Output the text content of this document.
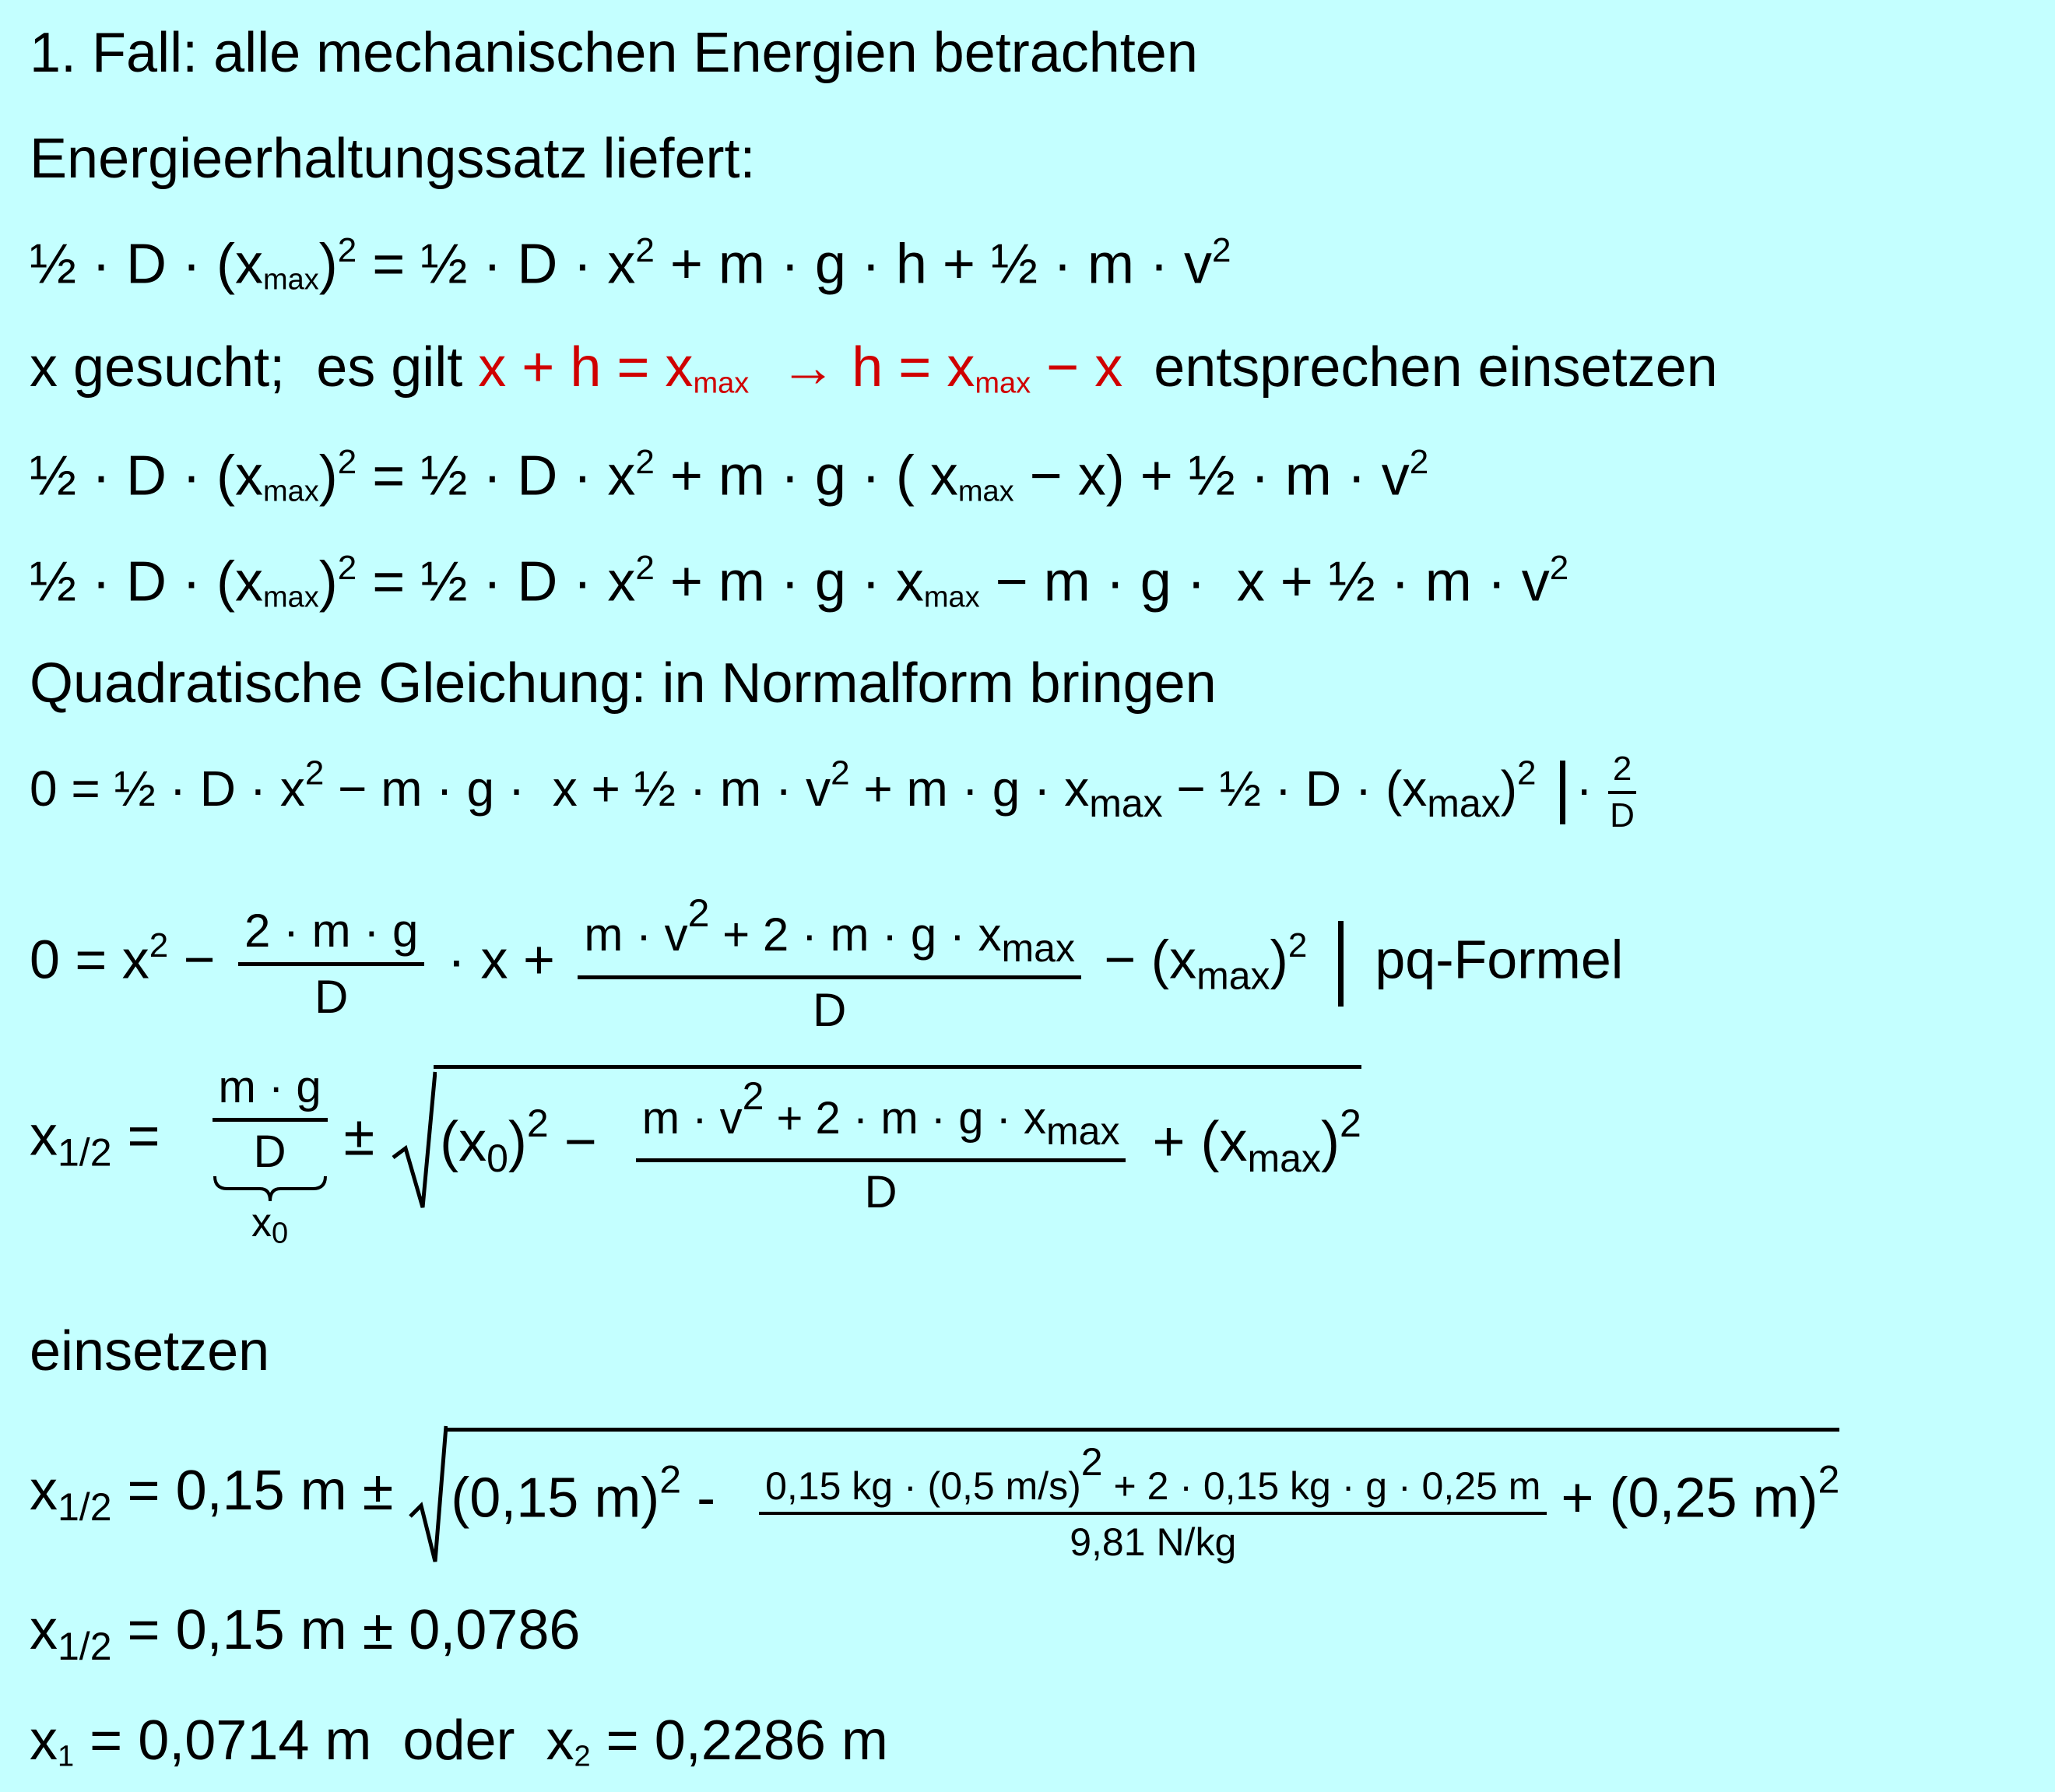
1. Fall: alle mechanischen Energien betrachten
Energieerhaltungssatz liefert:
½ · $D \cdot (x_{max})^2$ = ½ · $D \cdot x^2 + m \cdot g \cdot h$ + ½ · $m \cdot v^2$
x gesucht;  es gilt $x + h = x_{max} \to h = x_{max} - x$  entsprechen einsetzen
½ · $D \cdot (x_{max})^2$ = ½ · $D \cdot x^2 + m \cdot g$ · ( $x_{max} - x$) + ½ · $m \cdot v^2$
½ · $D \cdot (x_{max})^2$ = ½ · $D \cdot x^2 + m \cdot g \cdot x_{max} - m \cdot g \cdot x$ + ½ · $m \cdot v^2$
Quadratische Gleichung: in Normalform bringen
0 = ½ · $D \cdot x^2 - m \cdot g \cdot x$ + ½ · $m \cdot v^2 + m \cdot g \cdot x_{max}$ − ½ · $D \cdot (x_{max})^2 \cdot \frac{2}{D}$
$0 = x^2 - \frac{2 \cdot m \cdot g}{D} \cdot x + \frac{m \cdot v^2 + 2 \cdot m \cdot g \cdot x_{max}}{D} - (x_{max})^2$ pq-Formel
$x_{1/2} = \frac{m \cdot g}{D}$
$x_0$
± $(x_0)^2 - \frac{m \cdot v^2 + 2 \cdot m \cdot g \cdot x_{max}}{D} + (x_{max})^2$
einsetzen
$x_{1/2} = 0,15$ m ± (0,15 $m)^2 - \frac{0,15 kg \cdot (0,5 m/s)^2 + 2 \cdot 0,15 kg \cdot g \cdot 0,25 m}{9,81 N/kg} + (0,25$ m)$^2$
$x_{1/2} = 0,15$ m ± 0,0786
$x_1 = 0,0714$ m  oder  $x_2 = 0,2286$ m
